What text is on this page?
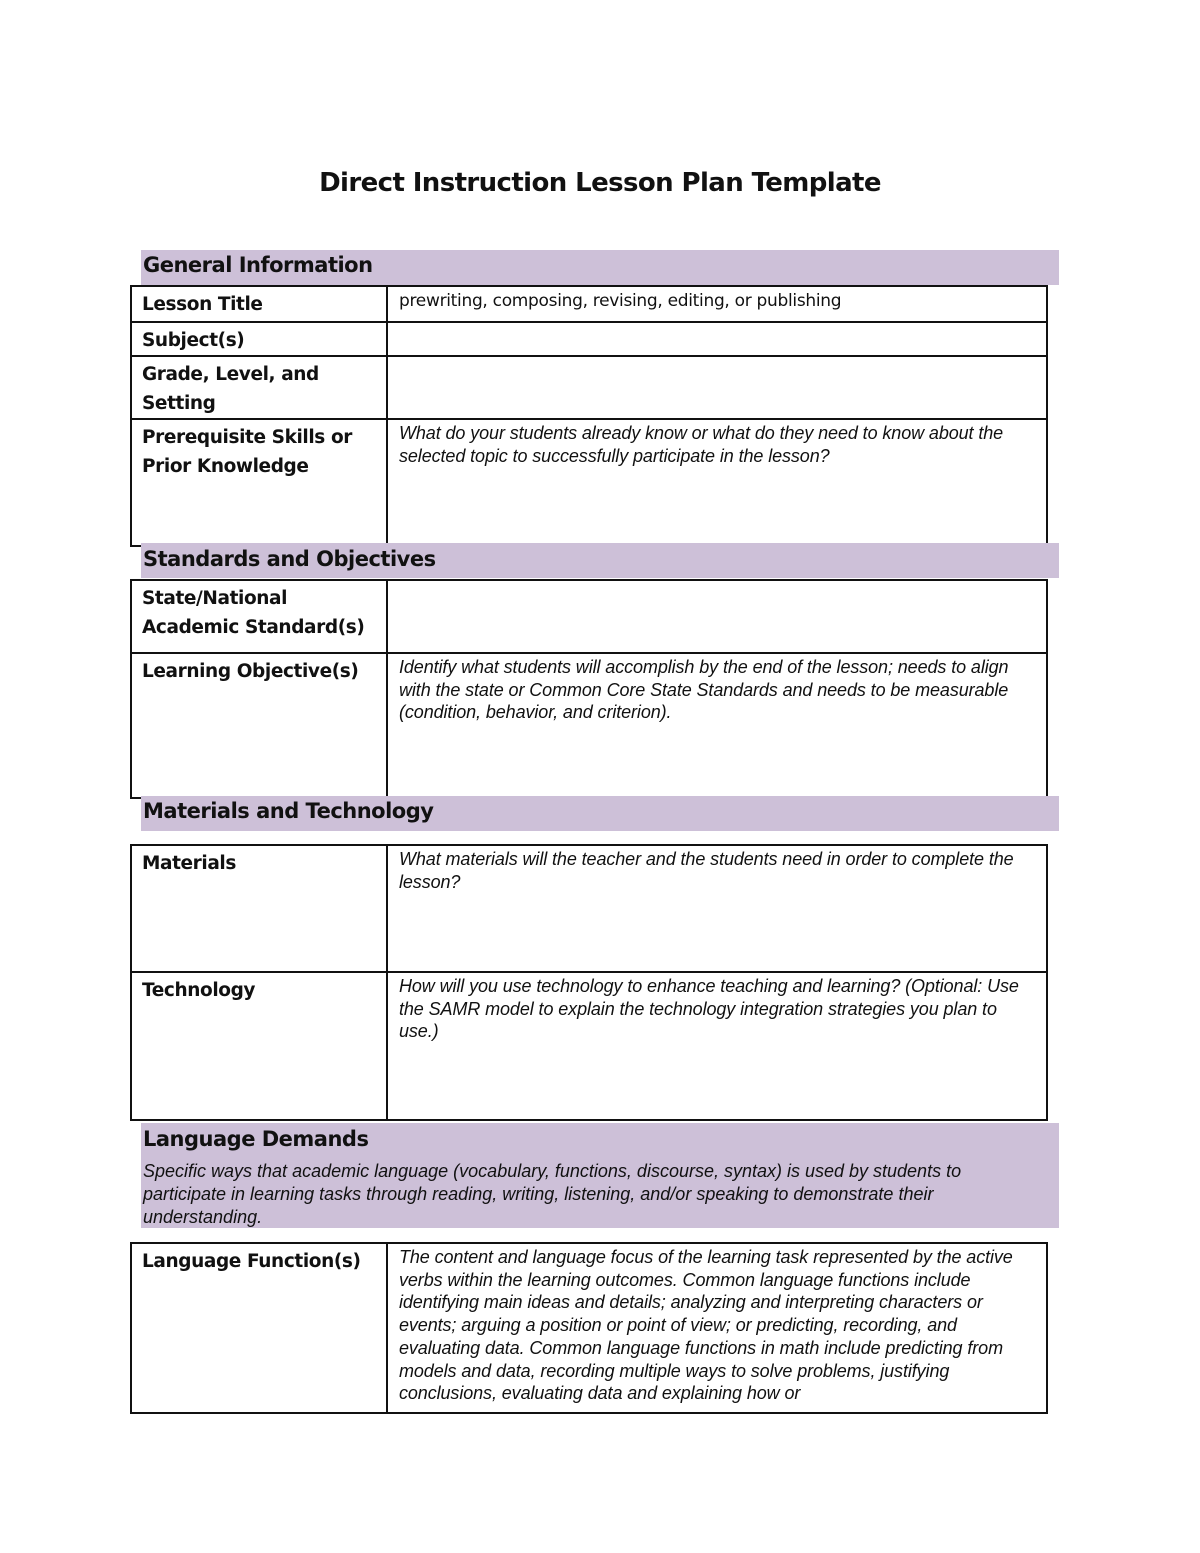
Direct Instruction Lesson Plan Template
General Information
Lesson Title	prewriting, composing, revising, editing, or publishing
Subject(s)	
Grade, Level, and Setting	
Prerequisite Skills or Prior Knowledge	What do your students already know or what do they need to know about the selected topic to successfully participate in the lesson?
Standards and Objectives
State/National Academic Standard(s)	
Learning Objective(s)	Identify what students will accomplish by the end of the lesson; needs to align with the state or Common Core State Standards and needs to be measurable (condition, behavior, and criterion).
Materials and Technology
Materials	What materials will the teacher and the students need in order to complete the lesson?
Technology	How will you use technology to enhance teaching and learning? (Optional: Use the SAMR model to explain the technology integration strategies you plan to use.)
Language Demands
Specific ways that academic language (vocabulary, functions, discourse, syntax) is used by students to participate in learning tasks through reading, writing, listening, and/or speaking to demonstrate their understanding.
Language Function(s)	The content and language focus of the learning task represented by the active verbs within the learning outcomes. Common language functions include identifying main ideas and details; analyzing and interpreting characters or events; arguing a position or point of view; or predicting, recording, and evaluating data. Common language functions in math include predicting from models and data, recording multiple ways to solve problems, justifying conclusions, evaluating data and explaining how or
